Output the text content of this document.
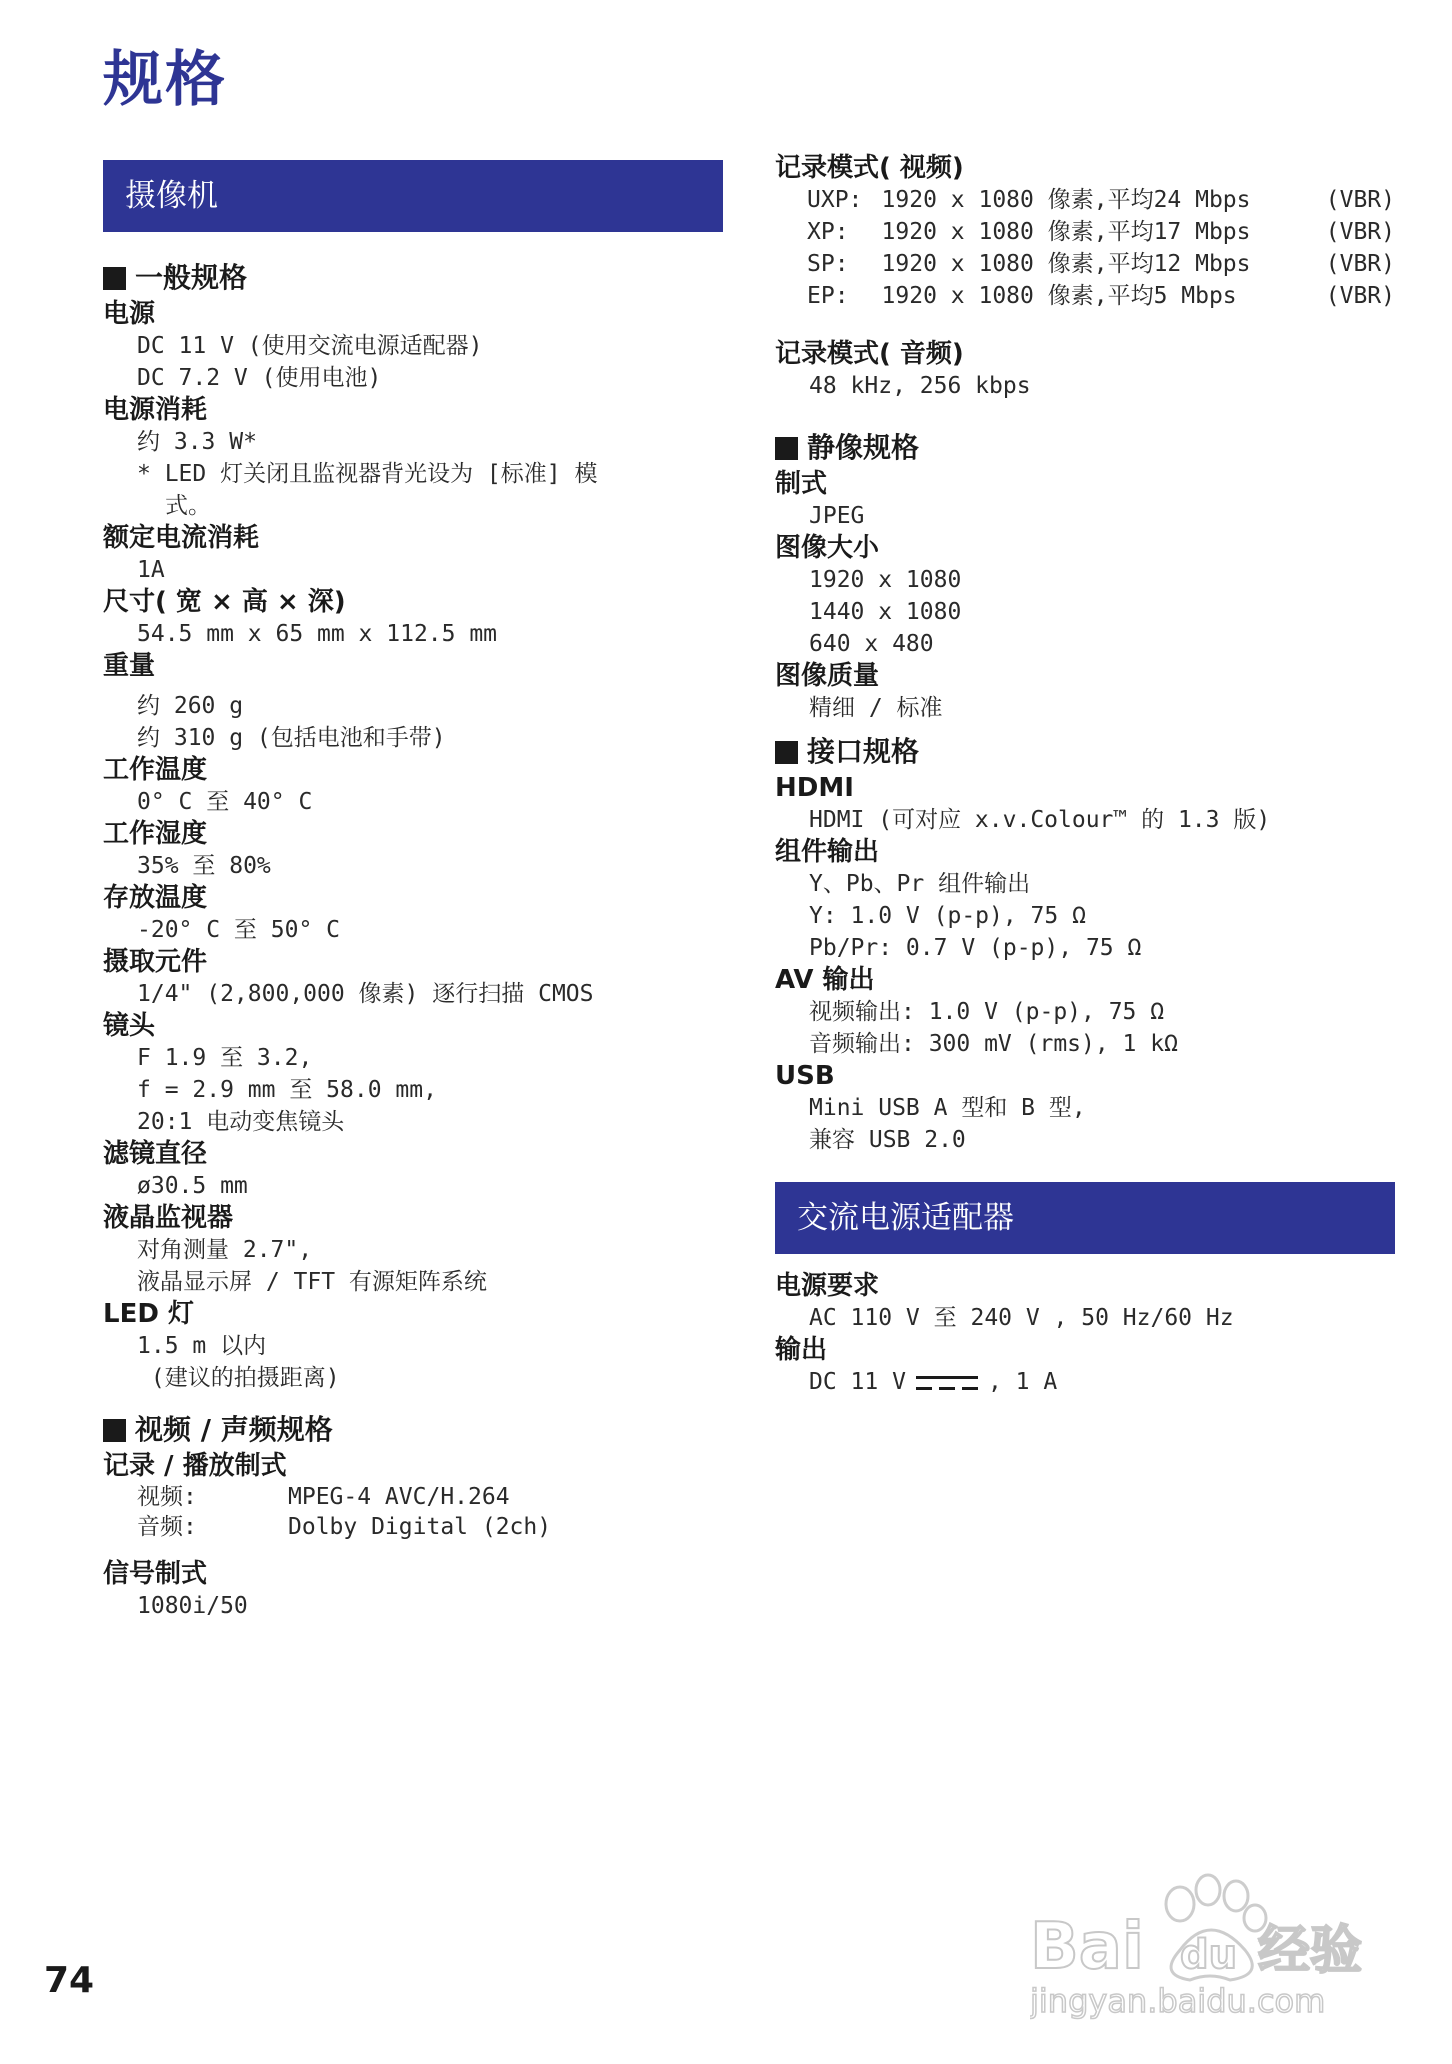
规格
摄像机
一般规格
电源
DC 11 V (使用交流电源适配器)
DC 7.2 V (使用电池)
电源消耗
约 3.3 W*
* LED 灯关闭且监视器背光设为 [标准] 模
式。
额定电流消耗
1A
尺寸( 宽 × 高 × 深)
54.5 mm x 65 mm x 112.5 mm
重量
约 260 g
约 310 g (包括电池和手带)
工作温度
0° C 至 40° C
工作湿度
35% 至 80%
存放温度
-20° C 至 50° C
摄取元件
1/4" (2,800,000 像素) 逐行扫描 CMOS
镜头
F 1.9 至 3.2,
f = 2.9 mm 至 58.0 mm,
20:1 电动变焦镜头
滤镜直径
ø30.5 mm
液晶监视器
对角测量 2.7",
液晶显示屏 / TFT 有源矩阵系统
LED 灯
1.5 m 以内
(建议的拍摄距离)
视频 / 声频规格
记录 / 播放制式
视频:	MPEG-4 AVC/H.264
音频:	Dolby Digital (2ch)
信号制式
1080i/50
记录模式( 视频)
UXP: 1920 x 1080 像素, 平均24 Mbps	(VBR)
XP:	1920 x 1080 像素, 平均17 Mbps	(VBR)
SP:	1920 x 1080 像素, 平均12 Mbps	(VBR)
EP:	1920 x 1080 像素, 平均5 Mbps	(VBR)
记录模式( 音频)
48 kHz, 256 kbps
静像规格
制式
JPEG
图像大小
1920 x 1080
1440 x 1080
640 x 480
图像质量
精细 / 标准
接口规格
HDMI
HDMI (可对应 x.v.Colour™ 的 1.3 版)
组件输出
Y、Pb、Pr 组件输出
Y: 1.0 V (p-p), 75 Ω
Pb/Pr: 0.7 V (p-p), 75 Ω
AV 输出
视频输出: 1.0 V (p-p), 75 Ω
音频输出: 300 mV (rms), 1 kΩ
USB
Mini USB A 型和 B 型,
兼容 USB 2.0
交流电源适配器
电源要求
AC 110 V 至 240 V , 50 Hz/60 Hz
输出
DC 11 V	, 1 A
74	Bai du 经验
jingyan.baidu.com
